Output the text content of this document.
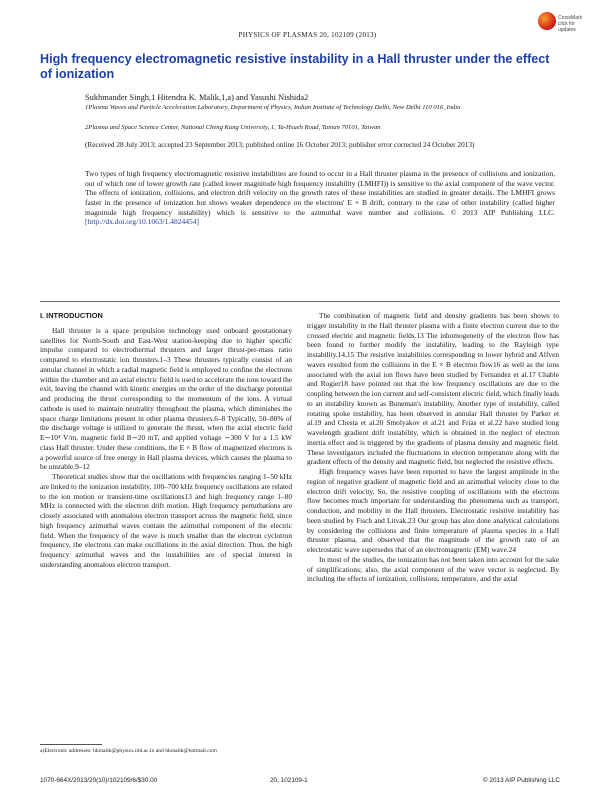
PHYSICS OF PLASMAS 20, 102109 (2013)
CrossMark
click for updates
High frequency electromagnetic resistive instability in a Hall thruster under the effect of ionization
Sukhmander Singh,1 Hitendra K. Malik,1,a) and Yasushi Nishida2
1Plasma Waves and Particle Acceleration Laboratory, Department of Physics, Indian Institute of Technology Delhi, New Delhi 110 016, India
2Plasma and Space Science Center, National Cheng Kung University, 1, Ta-Hsueh Road, Tainan 70101, Taiwan
(Received 28 July 2013; accepted 23 September 2013; published online 16 October 2013; publisher error corrected 24 October 2013)

Two types of high frequency electromagnetic resistive instabilities are found to occur in a Hall thruster plasma in the presence of collisions and ionization, out of which one of lower growth rate (called lower magnitude high frequency instability (LMHFI)) is sensitive to the axial component of the wave vector. The effects of ionization, collisions, and electron drift velocity on the growth rates of these instabilities are studied in greater details. The LMHFI grows faster in the presence of ionization but shows weaker dependence on the electrons' E × B drift, contrary to the case of other instability (called higher magnitude high frequency instability) which is sensitive to the azimuthal wave number and collisions. © 2013 AIP Publishing LLC. [http://dx.doi.org/10.1063/1.4824454]

I. INTRODUCTION

Hall thruster is a space propulsion technology used onboard geostationary satellites for North-South and East-West station-keeping due to higher specific impulse compared to electrothermal thrusters and larger thrust-per-mass ratio compared to electrostatic ion thrusters.1–3 These thrusters typically consist of an annular channel in which a radial magnetic field is employed to confine the electrons within the chamber and an axial electric field is used to accelerate the ions toward the exit, leaving the channel with kinetic energies on the order of the discharge potential and producing the thrust corresponding to the momentum of the ions. A virtual cathode is used to maintain neutrality throughout the plasma, which diminishes the space charge limitations present in other plasma thrusters.6–8 Typically, 50–80% of the discharge voltage is utilized to generate the thrust, when the axial electric field E∼10⁴ V/m, magnetic field B∼20 mT, and applied voltage ∼300 V for a 1.5 kW class Hall thruster. Under these conditions, the E × B flow of magnetized electrons is a powerful source of free energy in Hall plasma devices, which causes the plasma to be unstable.9–12

Theoretical studies show that the oscillations with frequencies ranging 1–50 kHz are linked to the ionization instability, 100–700 kHz frequency oscillations are related to the ion motion or transient-time oscillations13 and high frequency range 1–80 MHz is connected with the electron drift motion. High frequency perturbations are closely associated with anomalous electron transport across the magnetic field, since high frequency azimuthal waves contain the azimuthal component of the electric field. When the frequency of the wave is much smaller than the electron cyclotron frequency, the electrons can make oscillations in the axial direction. Thus, the high frequency azimuthal waves and the instabilities are of special interest in understanding anomalous electron transport.

The combination of magnetic field and density gradients has been shown to trigger instability in the Hall thruster plasma with a finite electron current due to the crossed electric and magnetic fields.13 The inhomogeneity of the electron flow has been found to further modify the instability, leading to the Rayleigh type instability.14,15 The resistive instabilities corresponding to lower hybrid and Alfven waves resulted from the collisions in the E × B electron flow16 as well as the ions associated with the axial ion flows have been studied by Fernandez et al.17 Chable and Rogier18 have pointed out that the low frequency oscillations are due to the coupling between the ion current and self-consistent electric field, which finally leads to an instability known as Buneman's instability. Another type of instability, called rotating spoke instability, has been observed in annular Hall thruster by Parker et al.19 and Chesta et al.20 Smolyakov et al.21 and Frias et al.22 have studied long wavelength gradient drift instability, which is obtained in the neglect of electron inertia effect and is triggered by the gradients of plasma density and magnetic field. These investigators included the fluctuations in electron temperature along with the gradient effects of the density and magnetic field, but neglected the resistive effects.

High frequency waves have been reported to have the largest amplitude in the region of negative gradient of magnetic field and an azimuthal velocity close to the electron drift velocity. So, the resistive coupling of oscillations with the electrons flow becomes much important for understanding the phenomena such as transport, conduction, and mobility in the Hall thrusters. Electrostatic resistive instability has been studied by Fisch and Litvak.23 Our group has also done analytical calculations by considering the collisions and finite temperature of plasma species in a Hall thruster plasma, and observed that the magnitude of the growth rate of an electrostatic wave supersedes that of an electromagnetic (EM) wave.24

In most of the studies, the ionization has not been taken into account for the sake of simplifications; also, the axial component of the wave vector is neglected. By including the effects of ionization, collisions, temperature, and the axial

a)Electronic addresses: hkmalik@physics.iitd.ac.in and hkmalik@hotmail.com
1070-664X/2013/20(10)/102109/6/$30.00	20, 102109-1	© 2013 AIP Publishing LLC
